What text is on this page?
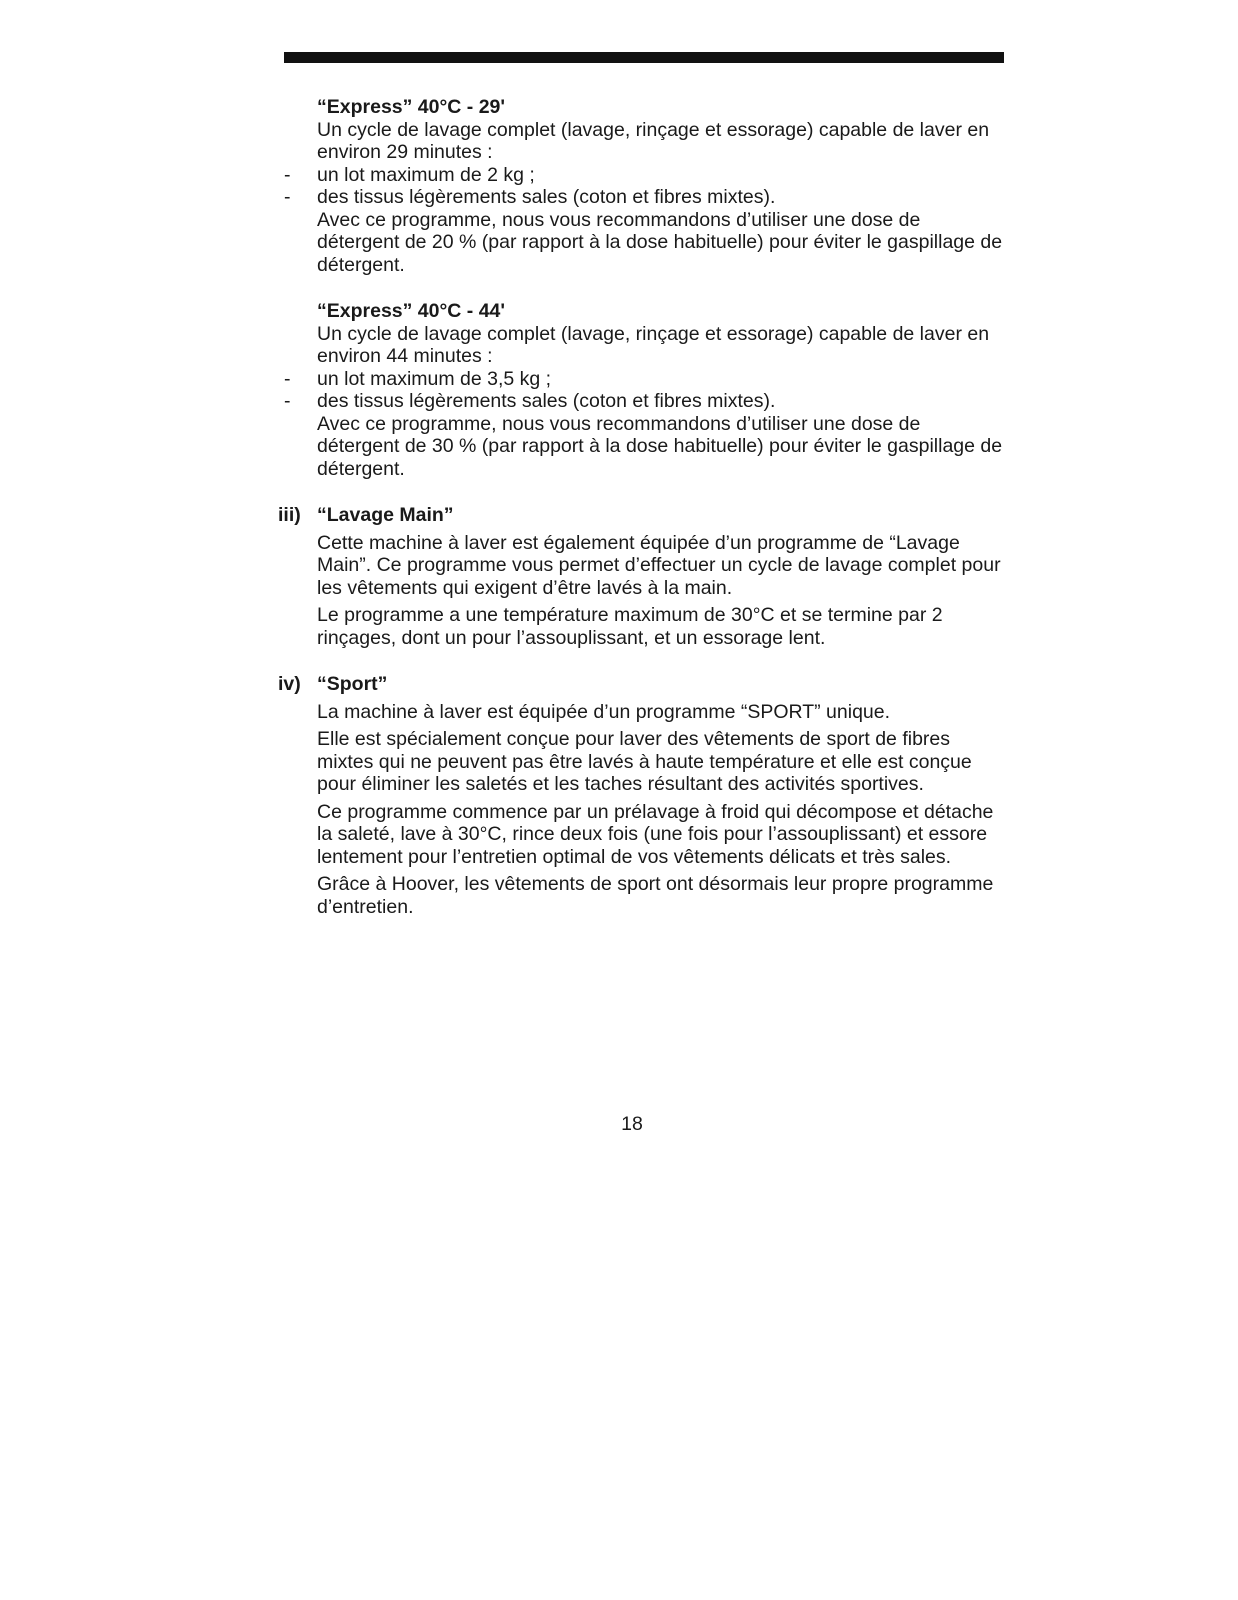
“Express” 40°C - 29'

Un cycle de lavage complet (lavage, rinçage et essorage) capable de laver en environ 29 minutes :

-	un lot maximum de 2 kg ;

-	des tissus légèrements sales (coton et fibres mixtes).

Avec ce programme, nous vous recommandons d’utiliser une dose de détergent de 20 % (par rapport à la dose habituelle) pour éviter le gaspillage de détergent.

“Express” 40°C - 44'

Un cycle de lavage complet (lavage, rinçage et essorage) capable de laver en environ 44 minutes :

-	un lot maximum de 3,5 kg ;

-	des tissus légèrements sales (coton et fibres mixtes).

Avec ce programme, nous vous recommandons d’utiliser une dose de détergent de 30 % (par rapport à la dose habituelle) pour éviter le gaspillage de détergent.

iii) “Lavage Main”

Cette machine à laver est également équipée d’un programme de “Lavage Main”. Ce programme vous permet d’effectuer un cycle de lavage complet pour les vêtements qui exigent d’être lavés à la main.

Le programme a une température maximum de 30°C et se termine par 2 rinçages, dont un pour l’assouplissant, et un essorage lent.

iv) “Sport”

La machine à laver est équipée d’un programme “SPORT” unique.

Elle est spécialement conçue pour laver des vêtements de sport de fibres mixtes qui ne peuvent pas être lavés à haute température et elle est conçue pour éliminer les saletés et les taches résultant des activités sportives.

Ce programme commence par un prélavage à froid qui décompose et détache la saleté, lave à 30°C, rince deux fois (une fois pour l’assouplissant) et essore lentement pour l’entretien optimal de vos vêtements délicats et très sales.

Grâce à Hoover, les vêtements de sport ont désormais leur propre programme d’entretien.

18
